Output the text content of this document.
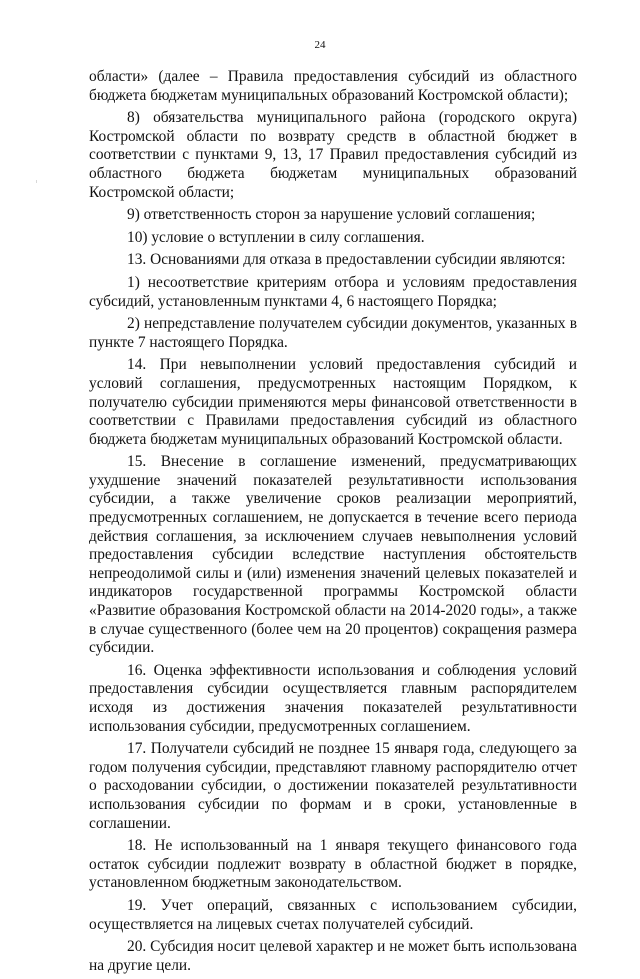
24

области» (далее – Правила предоставления субсидий из областного бюджета бюджетам муниципальных образований Костромской области);

8) обязательства муниципального района (городского округа) Костромской области по возврату средств в областной бюджет в соответствии с пунктами 9, 13, 17 Правил предоставления субсидий из областного бюджета бюджетам муниципальных образований Костромской области;

9) ответственность сторон за нарушение условий соглашения;

10) условие о вступлении в силу соглашения.

13. Основаниями для отказа в предоставлении субсидии являются:

1) несоответствие критериям отбора и условиям предоставления субсидий, установленным пунктами 4, 6 настоящего Порядка;

2) непредставление получателем субсидии документов, указанных в пункте 7 настоящего Порядка.

14. При невыполнении условий предоставления субсидий и условий соглашения, предусмотренных настоящим Порядком, к получателю субсидии применяются меры финансовой ответственности в соответствии с Правилами предоставления субсидий из областного бюджета бюджетам муниципальных образований Костромской области.

15. Внесение в соглашение изменений, предусматривающих ухудшение значений показателей результативности использования субсидии, а также увеличение сроков реализации мероприятий, предусмотренных соглашением, не допускается в течение всего периода действия соглашения, за исключением случаев невыполнения условий предоставления субсидии вследствие наступления обстоятельств непреодолимой силы и (или) изменения значений целевых показателей и индикаторов государственной программы Костромской области «Развитие образования Костромской области на 2014-2020 годы», а также в случае существенного (более чем на 20 процентов) сокращения размера субсидии.

16. Оценка эффективности использования и соблюдения условий предоставления субсидии осуществляется главным распорядителем исходя из достижения значения показателей результативности использования субсидии, предусмотренных соглашением.

17. Получатели субсидий не позднее 15 января года, следующего за годом получения субсидии, представляют главному распорядителю отчет о расходовании субсидии, о достижении показателей результативности использования субсидии по формам и в сроки, установленные в соглашении.

18. Не использованный на 1 января текущего финансового года остаток субсидии подлежит возврату в областной бюджет в порядке, установленном бюджетным законодательством.

19. Учет операций, связанных с использованием субсидии, осуществляется на лицевых счетах получателей субсидий.

20. Субсидия носит целевой характер и не может быть использована на другие цели.
